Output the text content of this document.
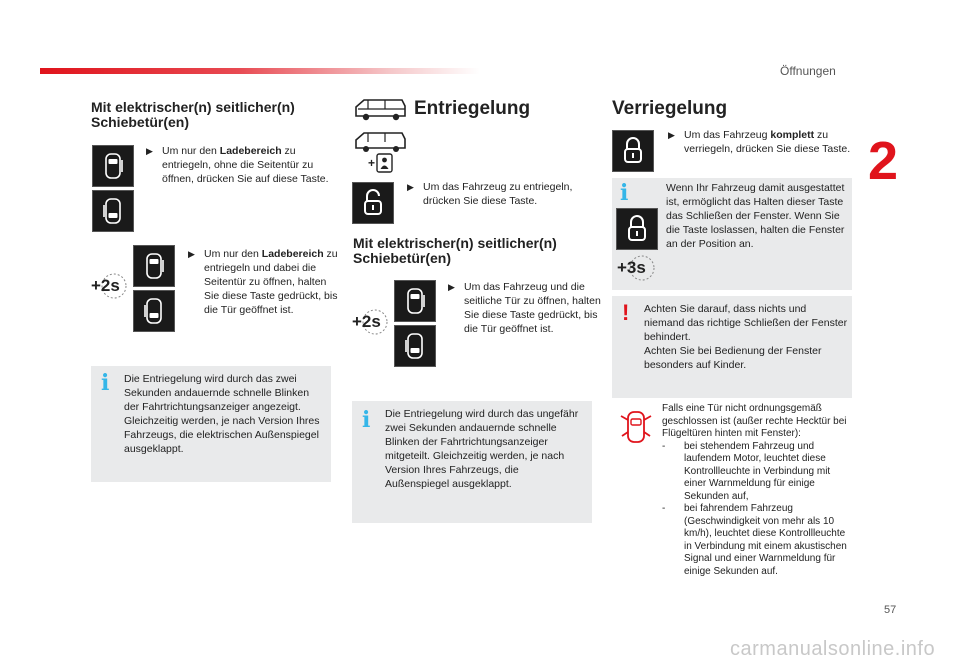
Öffnungen
2
Mit elektrischer(n) seitlicher(n) Schiebetür(en)
▶ Um nur den Ladebereich zu entriegeln, ohne die Seitentür zu öffnen, drücken Sie auf diese Taste.
+2s
▶ Um nur den Ladebereich zu entriegeln und dabei die Seitentür zu öffnen, halten Sie diese Taste gedrückt, bis die Tür geöffnet ist.
i Die Entriegelung wird durch das zwei Sekunden andauernde schnelle Blinken der Fahrtrichtungsanzeiger angezeigt. Gleichzeitig werden, je nach Version Ihres Fahrzeugs, die elektrischen Außenspiegel ausgeklappt.
Entriegelung
+
▶ Um das Fahrzeug zu entriegeln, drücken Sie diese Taste.
Mit elektrischer(n) seitlicher(n) Schiebetür(en)
+2s
▶ Um das Fahrzeug und die seitliche Tür zu öffnen, halten Sie diese Taste gedrückt, bis die Tür geöffnet ist.
i Die Entriegelung wird durch das ungefähr zwei Sekunden andauernde schnelle Blinken der Fahrtrichtungsanzeiger mitgeteilt. Gleichzeitig werden, je nach Version Ihres Fahrzeugs, die Außenspiegel ausgeklappt.
Verriegelung
▶ Um das Fahrzeug komplett zu verriegeln, drücken Sie diese Taste.
i
+3s
Wenn Ihr Fahrzeug damit ausgestattet ist, ermöglicht das Halten dieser Taste das Schließen der Fenster. Wenn Sie die Taste loslassen, halten die Fenster an der Position an.
! Achten Sie darauf, dass nichts und niemand das richtige Schließen der Fenster behindert.
Achten Sie bei Bedienung der Fenster besonders auf Kinder.
Falls eine Tür nicht ordnungsgemäß geschlossen ist (außer rechte Hecktür bei Flügeltüren hinten mit Fenster):
- bei stehendem Fahrzeug und laufendem Motor, leuchtet diese Kontrollleuchte in Verbindung mit einer Warnmeldung für einige Sekunden auf,
- bei fahrendem Fahrzeug (Geschwindigkeit von mehr als 10 km/h), leuchtet diese Kontrollleuchte in Verbindung mit einem akustischen Signal und einer Warnmeldung für einige Sekunden auf.
57
carmanualsonline.info
